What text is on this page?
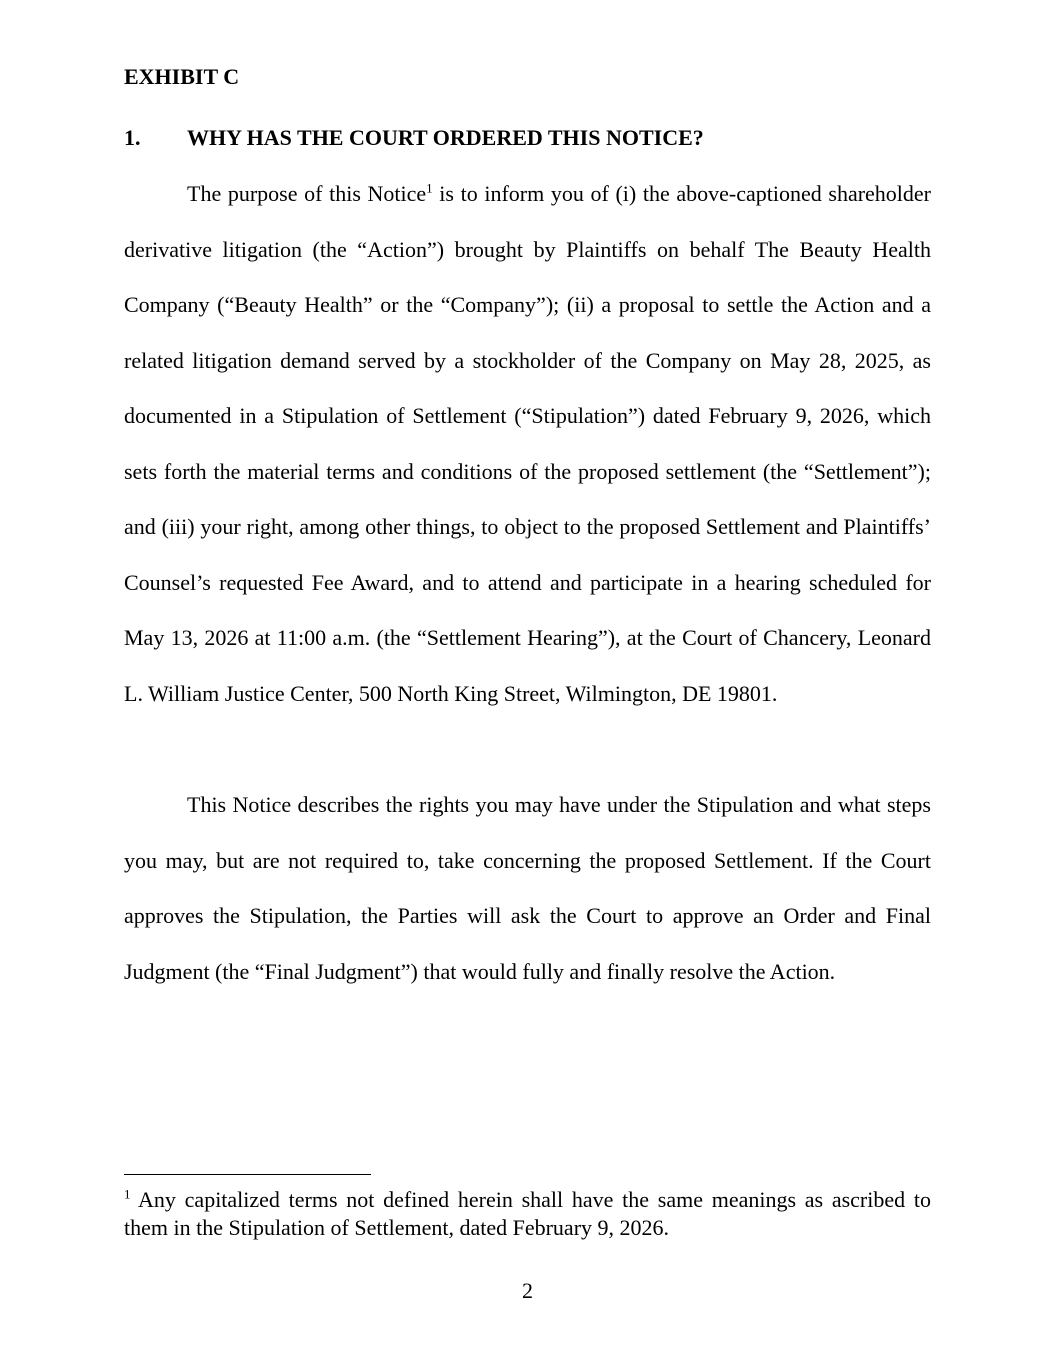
EXHIBIT C
1. WHY HAS THE COURT ORDERED THIS NOTICE?

The purpose of this Notice$^1$ is to inform you of (i) the above-captioned shareholder derivative litigation (the “Action”) brought by Plaintiffs on behalf The Beauty Health Company (“Beauty Health” or the “Company”); (ii) a proposal to settle the Action and a related litigation demand served by a stockholder of the Company on May 28, 2025, as documented in a Stipulation of Settlement (“Stipulation”) dated February 9, 2026, which sets forth the material terms and conditions of the proposed settlement (the “Settlement”); and (iii) your right, among other things, to object to the proposed Settlement and Plaintiffs’ Counsel’s requested Fee Award, and to attend and participate in a hearing scheduled for May 13, 2026 at 11:00 a.m. (the “Settlement Hearing”), at the Court of Chancery, Leonard L. William Justice Center, 500 North King Street, Wilmington, DE 19801.

This Notice describes the rights you may have under the Stipulation and what steps you may, but are not required to, take concerning the proposed Settlement. If the Court approves the Stipulation, the Parties will ask the Court to approve an Order and Final Judgment (the “Final Judgment”) that would fully and finally resolve the Action.

$^1$ Any capitalized terms not defined herein shall have the same meanings as ascribed to them in the Stipulation of Settlement, dated February 9, 2026.

2
